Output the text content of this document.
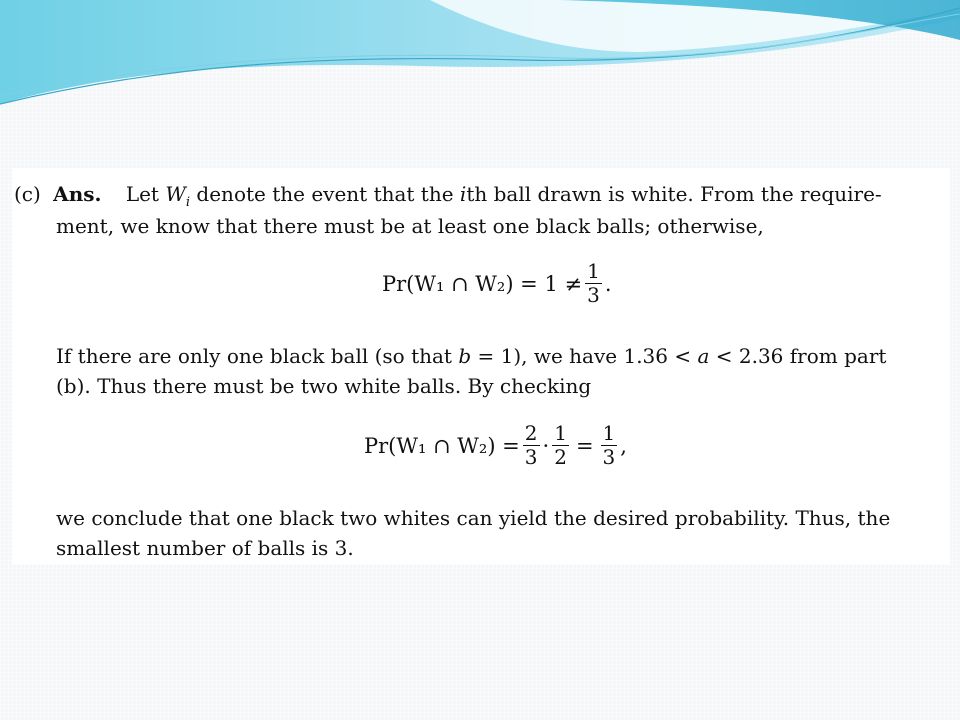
(c) Ans. Let $W_i$ denote the event that the ith ball drawn is white. From the require-
ment, we know that there must be at least one black balls; otherwise,
Pr(W₁ ∩ $W_2) = 1 \ne \frac{1}{3}$ .
If there are only one black ball (so that b = 1), we have 1.36 < a < 2.36 from part
(b). Thus there must be two white balls. By checking
Pr(W₁ ∩ $W_2) = \frac{2}{3} \cdot \frac{1}{2} = \frac{1}{3}$ ,
we conclude that one black two whites can yield the desired probability. Thus, the
smallest number of balls is 3.
